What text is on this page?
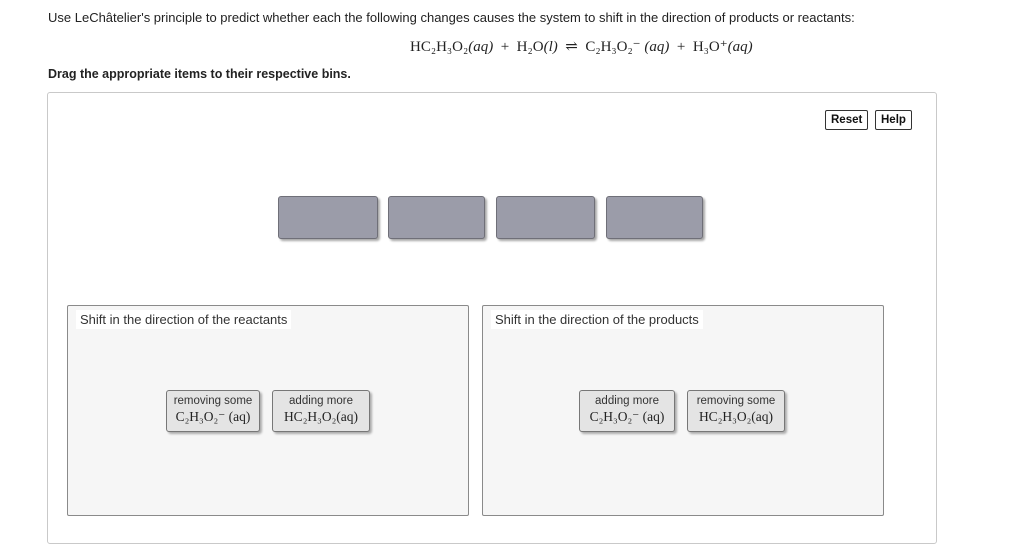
Use LeChâtelier's principle to predict whether each the following changes causes the system to shift in the direction of products or reactants:
HC₂H₃O₂(aq) + H₂O(l) ⇌ C₂H₃O₂⁻ (aq) + H₃O⁺(aq)
Drag the appropriate items to their respective bins.
Reset	Help
Shift in the direction of the reactants	Shift in the direction of the products
removing some
C₂H₃O₂⁻ (aq)
adding more
HC₂H₃O₂(aq)
adding more
C₂H₃O₂⁻ (aq)
removing some
HC₂H₃O₂(aq)
